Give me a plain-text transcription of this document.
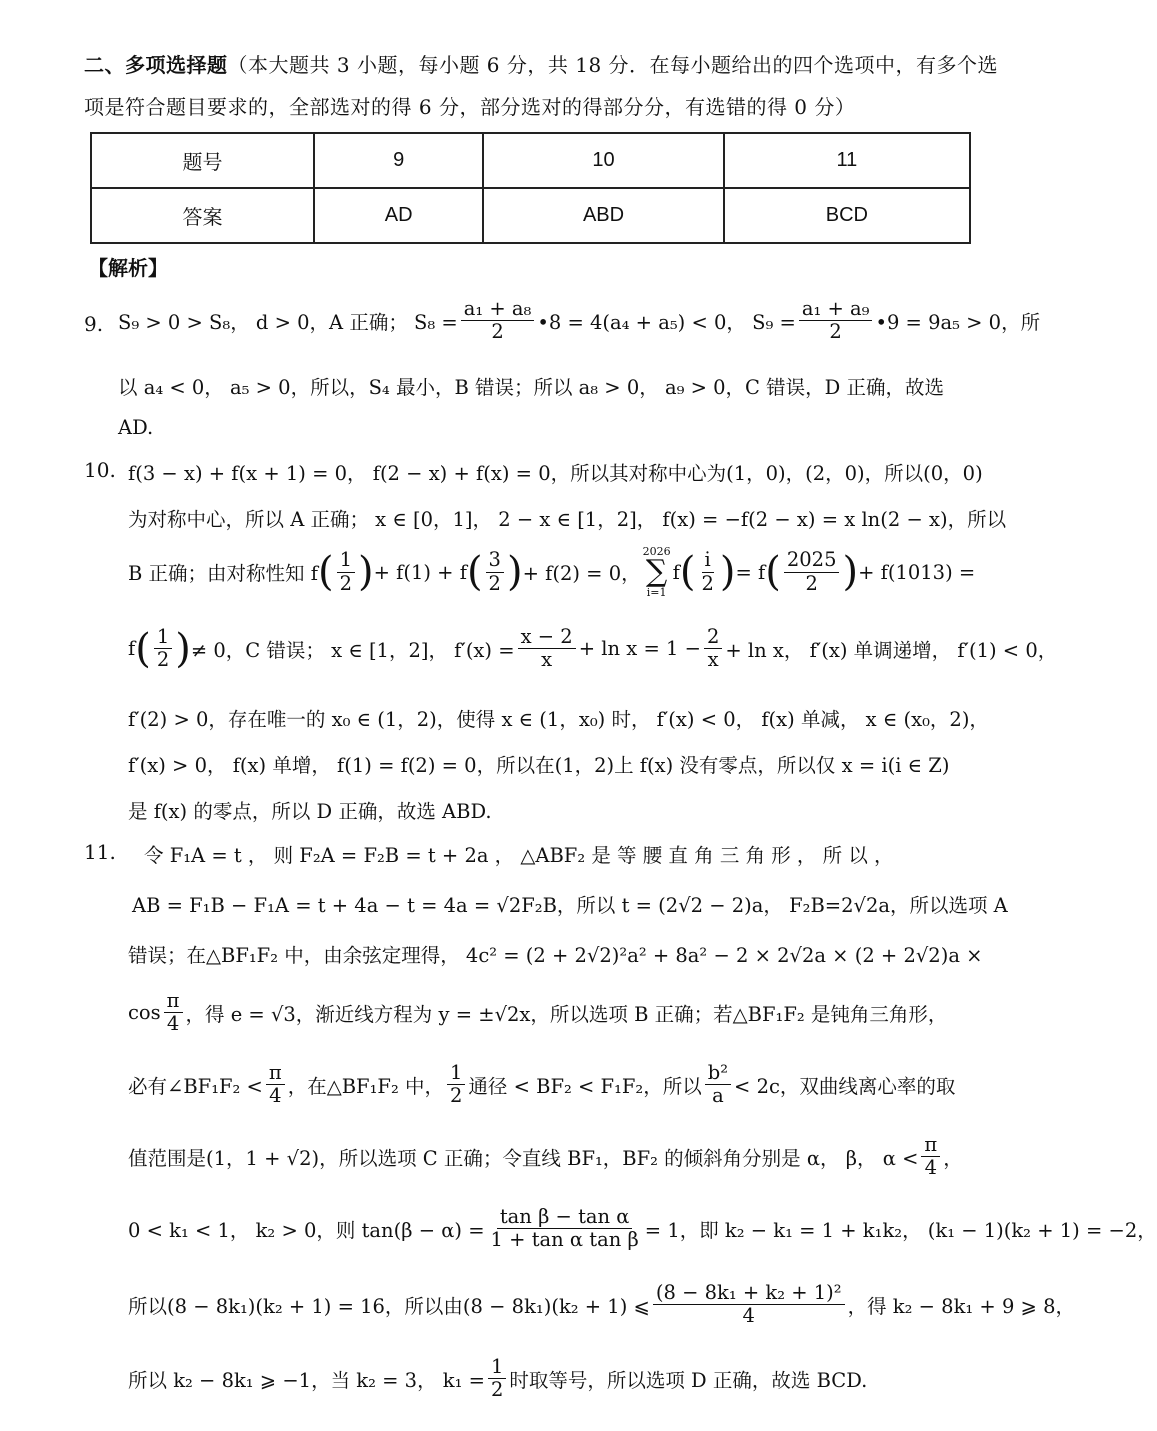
二、多项选择题（本大题共 3 小题，每小题 6 分，共 18 分．在每小题给出的四个选项中，有多个选项是符合题目要求的，全部选对的得 6 分，部分选对的得部分分，有选错的得 0 分）
题号	9	10	11
答案	AD	ABD	BCD
【解析】
9. S₉ > 0 > S₈， d > 0，A 正确； $S_8 = \frac{\text{a₁ + a₈}}{2}$ •8 = 4(a₄ + a₅) < 0， $S_9 = \frac{\text{a₁ + a₉}}{2}$ •9 = 9a₅ > 0，所
以 a₄ < 0， a₅ > 0，所以，S₄ 最小，B 错误；所以 a₈ > 0， a₉ > 0，C 错误，D 正确，故选
AD.
10. f(3 − x) + f(x + 1) = 0， f(2 − x) + f(x) = 0，所以其对称中心为(1，0)，(2，0)，所以(0，0)
为对称中心，所以 A 正确； x ∈ [0，1]， 2 − x ∈ [1，2]， f(x) = −f(2 − x) = x ln(2 − x)，所以
B 正确；由对称性知 f ( $\frac{1}{2}$ ) + f(1) + f ( $\frac{3}{2}$ ) + f(2) = 0，
2026
∑
i=1
f ( $\frac{i}{2}$ ) = f ( $\frac{2025}{2}$ ) + f(1013) =
f ( $\frac{1}{2}$ ) ≠ 0，C 错误； x ∈ [1，2]， $f'(x) = \frac{x - 2}{x} + \ln x = 1 - \frac{2}{x} + \ln x$， f′(x) 单调递增， f′(1) < 0，
f′(2) > 0，存在唯一的 x₀ ∈ (1，2)，使得 x ∈ (1，x₀) 时， f′(x) < 0， f(x) 单减， x ∈ (x₀，2)，
f′(x) > 0， f(x) 单增， f(1) = f(2) = 0，所以在(1，2)上 f(x) 没有零点，所以仅 x = i(i ∈ Z)
是 f(x) 的零点，所以 D 正确，故选 ABD.
11. 令 F₁A = t ， 则 F₂A = F₂B = t + 2a ， △ABF₂ 是 等 腰 直 角 三 角 形 ， 所 以 ，
AB = F₁B − F₁A = t + 4a − t = 4a = √2F₂B，所以 t = (2√2 − 2)a， F₂B=2√2a，所以选项 A
错误；在△BF₁F₂ 中，由余弦定理得， 4c² = (2 + 2√2)²a² + 8a² − 2 × 2√2a × (2 + 2√2)a ×
$\cos \frac{\pi}{4}$ ，得 e = √3，渐近线方程为 y = ±√2x，所以选项 B 正确；若△BF₁F₂ 是钝角三角形，
必有∠BF₁F₂ < $\frac{\pi}{4}$ ，在△BF₁F₂ 中， $\frac{1}{2}$ 通径 < BF₂ < F₁F₂，所以 $\frac{\text{b²}}{a} < 2c$，双曲线离心率的取
值范围是(1，1 + √2)，所以选项 C 正确；令直线 BF₁，BF₂ 的倾斜角分别是 α， β， $\alpha < \frac{\pi}{4}$ ，
0 < k₁ < 1， k₂ > 0，则 $\tan(\beta - \alpha) = \frac{\text{tan β − tan α}}{\text{1 + tan α tan β}} = 1$，即 k₂ − k₁ = 1 + k₁k₂， (k₁ − 1)(k₂ + 1) = −2，
所以(8 − 8k₁)(k₂ + 1) = 16，所以由(8 − 8k₁)(k₂ + 1) ⩽ $\frac{\text{(8 − 8k₁ + k₂ + 1)²}}{4}$ ，得 k₂ − 8k₁ + 9 ⩾ 8，
所以 k₂ − 8k₁ ⩾ −1，当 k₂ = 3， $k_1 = \frac{1}{2}$ 时取等号，所以选项 D 正确，故选 BCD.
